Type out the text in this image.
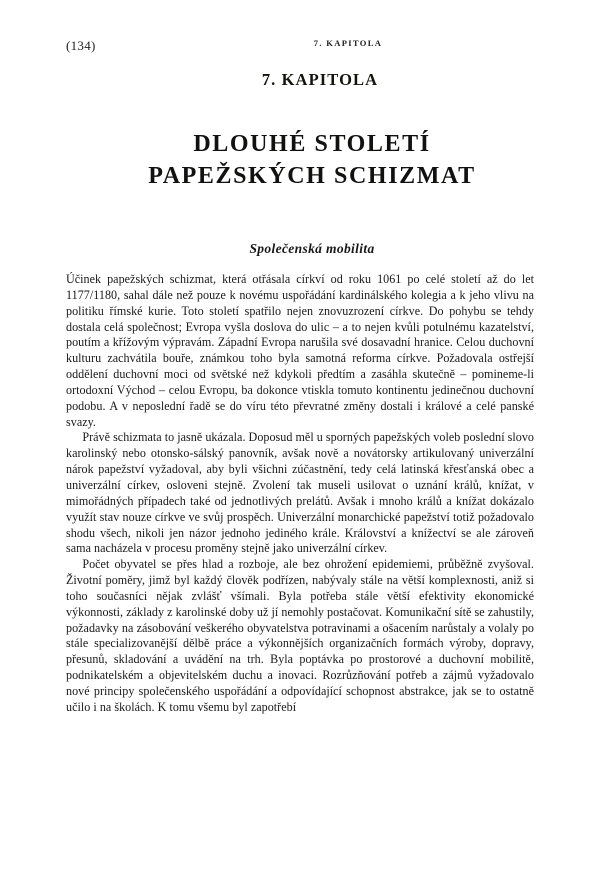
(134)	7. KAPITOLA
7. KAPITOLA
DLOUHÉ STOLETÍ
PAPEŽSKÝCH SCHIZMAT
Společenská mobilita

Účinek papežských schizmat, která otřásala církví od roku 1061 po celé století až do let 1177/1180, sahal dále než pouze k novému uspořádání kardinálského kolegia a k jeho vlivu na politiku římské kurie. Toto století spatřilo nejen znovuzrození církve. Do pohybu se tehdy dostala celá společnost; Evropa vyšla doslova do ulic – a to nejen kvůli potulnému kazatelství, poutím a křížovým výpravám. Západní Evropa narušila své dosavadní hranice. Celou duchovní kulturu zachvátila bouře, známkou toho byla samotná reforma církve. Požadovala ostřejší oddělení duchovní moci od světské než kdykoli předtím a zasáhla skutečně – pomineme-li ortodoxní Východ – celou Evropu, ba dokonce vtiskla tomuto kontinentu jedinečnou duchovní podobu. A v neposlední řadě se do víru této převratné změny dostali i králové a celé panské svazy.

Právě schizmata to jasně ukázala. Doposud měl u sporných papežských voleb poslední slovo karolinský nebo otonsko-sálský panovník, avšak nově a novátorsky artikulovaný univerzální nárok papežství vyžadoval, aby byli všichni zúčastnění, tedy celá latinská křesťanská obec a univerzální církev, osloveni stejně. Zvolení tak museli usilovat o uznání králů, knížat, v mimořádných případech také od jednotlivých prelátů. Avšak i mnoho králů a knížat dokázalo využít stav nouze církve ve svůj prospěch. Univerzální monarchické papežství totiž požadovalo shodu všech, nikoli jen názor jednoho jediného krále. Království a knížectví se ale zároveň sama nacházela v procesu proměny stejně jako univerzální církev.

Počet obyvatel se přes hlad a rozboje, ale bez ohrožení epidemiemi, průběžně zvyšoval. Životní poměry, jimž byl každý člověk podřízen, nabývaly stále na větší komplexnosti, aniž si toho současníci nějak zvlášť všímali. Byla potřeba stále větší efektivity ekonomické výkonnosti, základy z karolinské doby už jí nemohly postačovat. Komunikační sítě se zahustily, požadavky na zásobování veškerého obyvatelstva potravinami a ošacením narůstaly a volaly po stále specializovanější dělbě práce a výkonnějších organizačních formách výroby, dopravy, přesunů, skladování a uvádění na trh. Byla poptávka po prostorové a duchovní mobilitě, podnikatelském a objevitelském duchu a inovaci. Rozrůzňování potřeb a zájmů vyžadovalo nové principy společenského uspořádání a odpovídající schopnost abstrakce, jak se to ostatně učilo i na školách. K tomu všemu byl zapotřebí
